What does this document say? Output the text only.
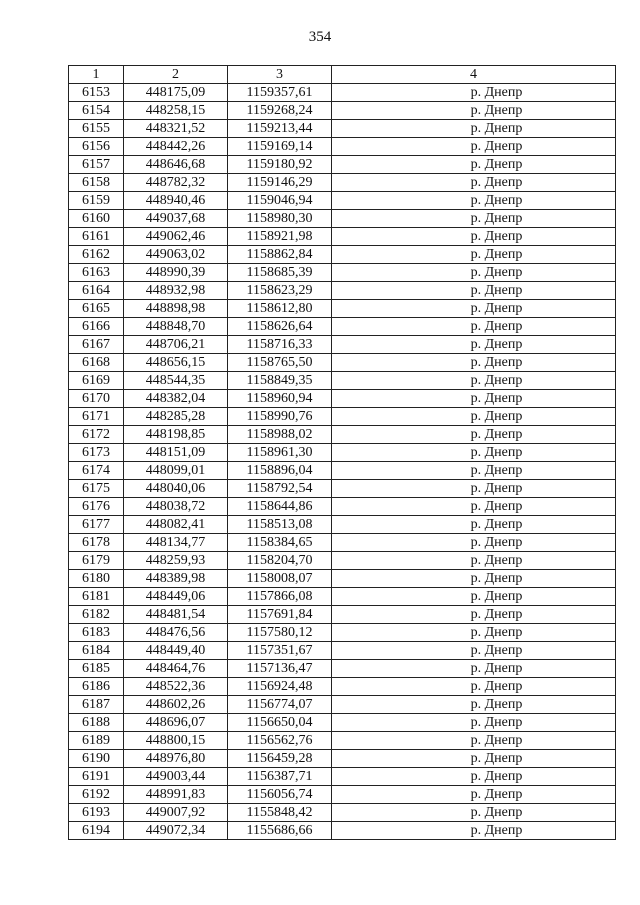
354
1	2	3	4
6153	448175,09	1159357,61	р. Днепр
6154	448258,15	1159268,24	р. Днепр
6155	448321,52	1159213,44	р. Днепр
6156	448442,26	1159169,14	р. Днепр
6157	448646,68	1159180,92	р. Днепр
6158	448782,32	1159146,29	р. Днепр
6159	448940,46	1159046,94	р. Днепр
6160	449037,68	1158980,30	р. Днепр
6161	449062,46	1158921,98	р. Днепр
6162	449063,02	1158862,84	р. Днепр
6163	448990,39	1158685,39	р. Днепр
6164	448932,98	1158623,29	р. Днепр
6165	448898,98	1158612,80	р. Днепр
6166	448848,70	1158626,64	р. Днепр
6167	448706,21	1158716,33	р. Днепр
6168	448656,15	1158765,50	р. Днепр
6169	448544,35	1158849,35	р. Днепр
6170	448382,04	1158960,94	р. Днепр
6171	448285,28	1158990,76	р. Днепр
6172	448198,85	1158988,02	р. Днепр
6173	448151,09	1158961,30	р. Днепр
6174	448099,01	1158896,04	р. Днепр
6175	448040,06	1158792,54	р. Днепр
6176	448038,72	1158644,86	р. Днепр
6177	448082,41	1158513,08	р. Днепр
6178	448134,77	1158384,65	р. Днепр
6179	448259,93	1158204,70	р. Днепр
6180	448389,98	1158008,07	р. Днепр
6181	448449,06	1157866,08	р. Днепр
6182	448481,54	1157691,84	р. Днепр
6183	448476,56	1157580,12	р. Днепр
6184	448449,40	1157351,67	р. Днепр
6185	448464,76	1157136,47	р. Днепр
6186	448522,36	1156924,48	р. Днепр
6187	448602,26	1156774,07	р. Днепр
6188	448696,07	1156650,04	р. Днепр
6189	448800,15	1156562,76	р. Днепр
6190	448976,80	1156459,28	р. Днепр
6191	449003,44	1156387,71	р. Днепр
6192	448991,83	1156056,74	р. Днепр
6193	449007,92	1155848,42	р. Днепр
6194	449072,34	1155686,66	р. Днепр
